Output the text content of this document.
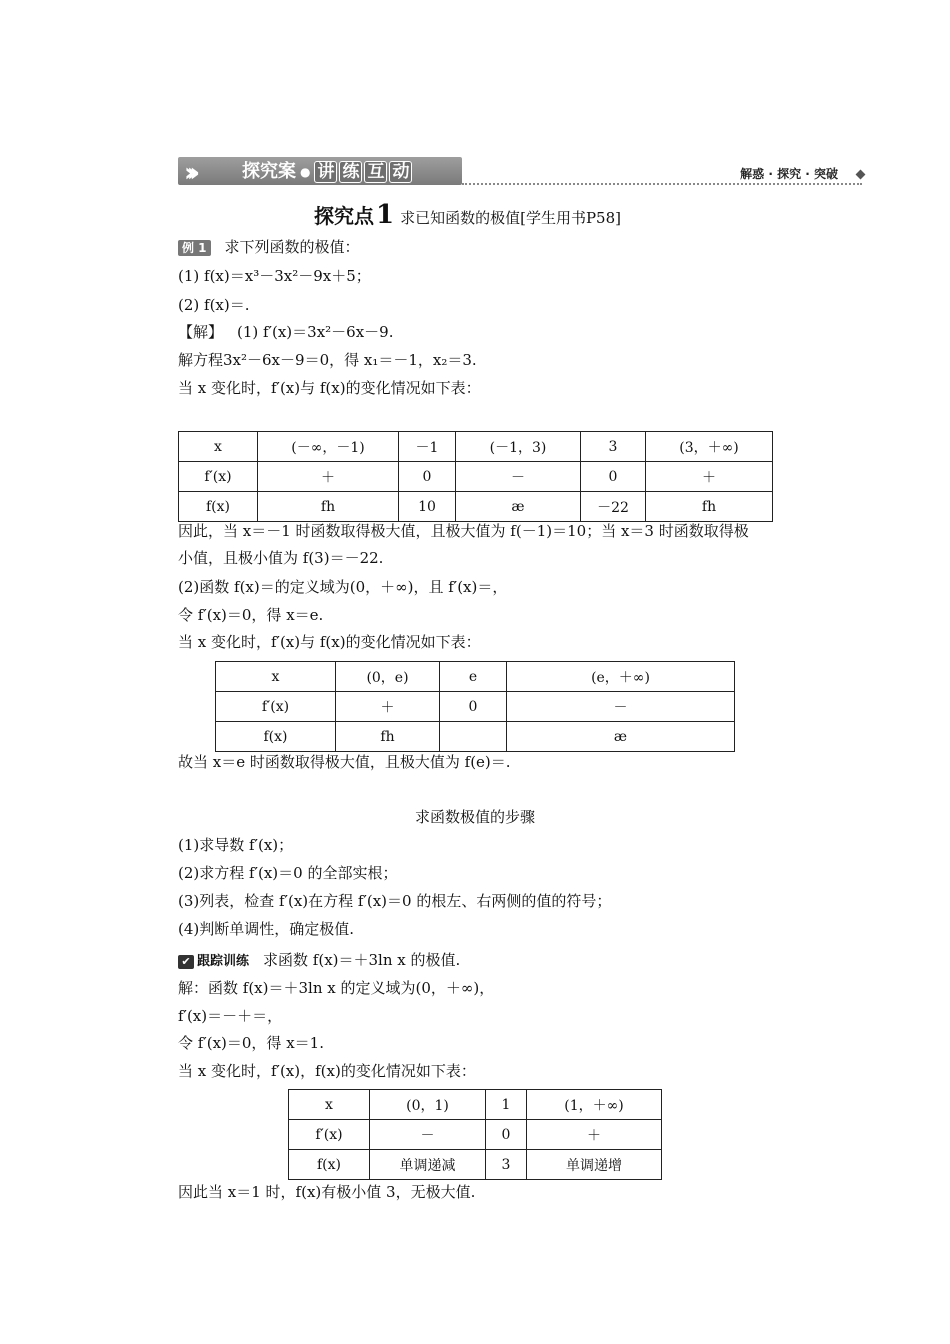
›››	探究案 ● 讲 练 互 动	解惑 · 探究 · 突破
探究点1 求已知函数的极值[学生用书P58]
例 1 求下列函数的极值：
(1) f(x)＝x³－3x²－9x＋5；
(2) f(x)＝.
【解】 (1) f′(x)＝3x²－6x－9.
解方程3x²－6x－9＝0，得 x₁＝－1，x₂＝3.
当 x 变化时，f′(x)与 f(x)的变化情况如下表：
x	(－∞，－1)	－1	(－1，3)	3	(3，＋∞)
f′(x)	＋	0	－	0	＋
f(x)	fh	10	æ	－22	fh
因此，当 x＝－1 时函数取得极大值，且极大值为 f(－1)＝10；当 x＝3 时函数取得极
小值，且极小值为 f(3)＝－22.
(2)函数 f(x)＝的定义域为(0，＋∞)，且 f′(x)＝，
令 f′(x)＝0，得 x＝e.
当 x 变化时，f′(x)与 f(x)的变化情况如下表：
x	(0，e)	e	(e，＋∞)
f′(x)	＋	0	－
f(x)	fh		æ
故当 x＝e 时函数取得极大值，且极大值为 f(e)＝.
求函数极值的步骤
(1)求导数 f′(x)；
(2)求方程 f′(x)＝0 的全部实根；
(3)列表，检查 f′(x)在方程 f′(x)＝0 的根左、右两侧的值的符号；
(4)判断单调性，确定极值.
✔ 跟踪训练 求函数 f(x)＝＋3ln x 的极值.
解：函数 f(x)＝＋3ln x 的定义域为(0，＋∞)，
f′(x)＝－＋＝，
令 f′(x)＝0，得 x＝1.
当 x 变化时，f′(x)，f(x)的变化情况如下表：
x	(0，1)	1	(1，＋∞)
f′(x)	－	0	＋
f(x)	单调递减	3	单调递增
因此当 x＝1 时，f(x)有极小值 3，无极大值.
